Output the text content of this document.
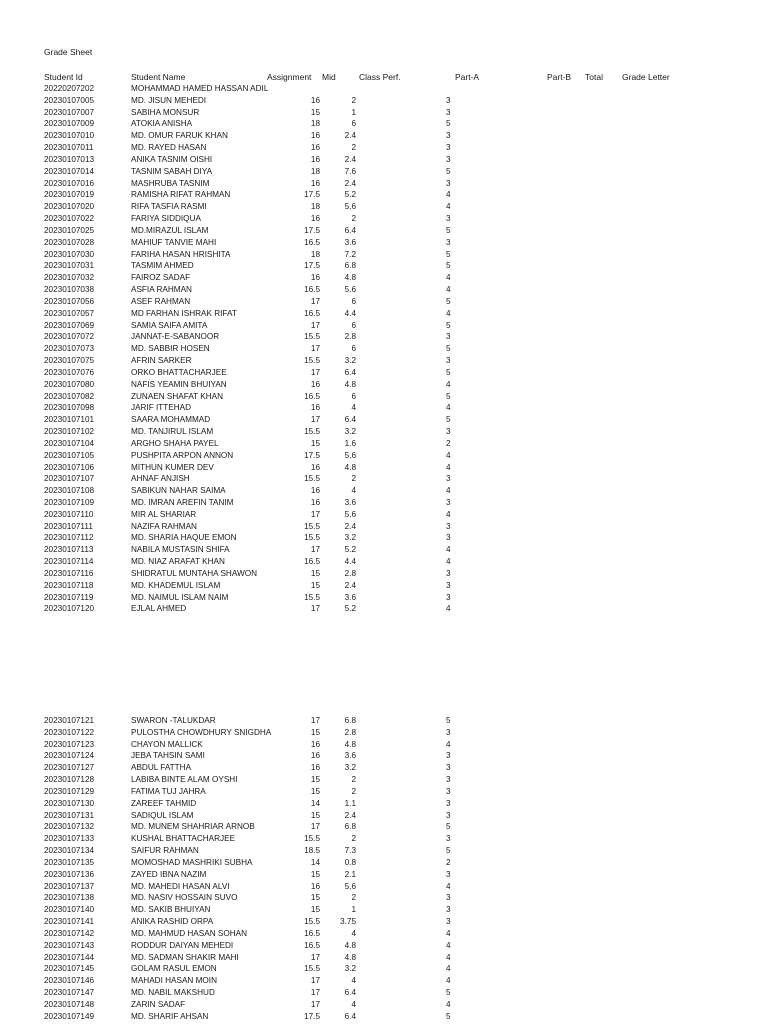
Grade Sheet
Student Id	Student Name	Assignment Mid	Class Perf.	Part-A	Part-B Total Grade Letter
20220207202	MOHAMMAD HAMED HASSAN ADIL
20230107005	MD. JISUN MEHEDI	16	2	3
20230107007	SABIHA MONSUR	15	1	3
20230107009	ATOKIA ANISHA	18	6	5
20230107010	MD. OMUR FARUK KHAN	16	2.4	3
20230107011	MD. RAYED HASAN	16	2	3
20230107013	ANIKA TASNIM OISHI	16	2.4	3
20230107014	TASNIM SABAH DIYA	18	7.6	5
20230107016	MASHRUBA TASNIM	16	2.4	3
20230107019	RAMISHA RIFAT RAHMAN	17.5	5.2	4
20230107020	RIFA TASFIA RASMI	18	5.6	4
20230107022	FARIYA SIDDIQUA	16	2	3
20230107025	MD.MIRAZUL ISLAM	17.5	6.4	5
20230107028	MAHIUF TANVIE MAHI	16.5	3.6	3
20230107030	FARIHA HASAN HRISHITA	18	7.2	5
20230107031	TASMIM AHMED	17.5	6.8	5
20230107032	FAIROZ SADAF	16	4.8	4
20230107038	ASFIA RAHMAN	16.5	5.6	4
20230107056	ASEF RAHMAN	17	6	5
20230107057	MD FARHAN ISHRAK RIFAT	16.5	4.4	4
20230107069	SAMIA SAIFA AMITA	17	6	5
20230107072	JANNAT-E-SABANOOR	15.5	2.8	3
20230107073	MD. SABBIR HOSEN	17	6	5
20230107075	AFRIN SARKER	15.5	3.2	3
20230107076	ORKO BHATTACHARJEE	17	6.4	5
20230107080	NAFIS YEAMIN BHUIYAN	16	4.8	4
20230107082	ZUNAEN SHAFAT KHAN	16.5	6	5
20230107098	JARIF ITTEHAD	16	4	4
20230107101	SAARA MOHAMMAD	17	6.4	5
20230107102	MD. TANJIRUL ISLAM	15.5	3.2	3
20230107104	ARGHO SHAHA PAYEL	15	1.6	2
20230107105	PUSHPITA ARPON ANNON	17.5	5.6	4
20230107106	MITHUN KUMER DEV	16	4.8	4
20230107107	AHNAF ANJISH	15.5	2	3
20230107108	SABIKUN NAHAR SAIMA	16	4	4
20230107109	MD. IMRAN AREFIN TANIM	16	3.6	3
20230107110	MIR AL SHARIAR	17	5.6	4
20230107111	NAZIFA RAHMAN	15.5	2.4	3
20230107112	MD. SHARIA HAQUE EMON	15.5	3.2	3
20230107113	NABILA MUSTASIN SHIFA	17	5.2	4
20230107114	MD. NIAZ ARAFAT KHAN	16.5	4.4	4
20230107116	SHIDRATUL MUNTAHA SHAWON	15	2.8	3
20230107118	MD. KHADEMUL ISLAM	15	2.4	3
20230107119	MD. NAIMUL ISLAM NAIM	15.5	3.6	3
20230107120	EJLAL AHMED	17	5.2	4
20230107121	SWARON -TALUKDAR	17	6.8	5
20230107122	PULOSTHA CHOWDHURY SNIGDHA	15	2.8	3
20230107123	CHAYON MALLICK	16	4.8	4
20230107124	JEBA TAHSIN SAMI	16	3.6	3
20230107127	ABDUL FATTHA	16	3.2	3
20230107128	LABIBA BINTE ALAM OYSHI	15	2	3
20230107129	FATIMA TUJ JAHRA	15	2	3
20230107130	ZAREEF TAHMID	14	1.1	3
20230107131	SADIQUL ISLAM	15	2.4	3
20230107132	MD. MUNEM SHAHRIAR ARNOB	17	6.8	5
20230107133	KUSHAL BHATTACHARJEE	15.5	2	3
20230107134	SAIFUR RAHMAN	18.5	7.3	5
20230107135	MOMOSHAD MASHRIKI SUBHA	14	0.8	2
20230107136	ZAYED IBNA NAZIM	15	2.1	3
20230107137	MD. MAHEDI HASAN ALVI	16	5.6	4
20230107138	MD. NASIV HOSSAIN SUVO	15	2	3
20230107140	MD. SAKIB BHUIYAN	15	1	3
20230107141	ANIKA RASHID ORPA	15.5 3.75	3
20230107142	MD. MAHMUD HASAN SOHAN	16.5	4	4
20230107143	RODDUR DAIYAN MEHEDI	16.5	4.8	4
20230107144	MD. SADMAN SHAKIR MAHI	17	4.8	4
20230107145	GOLAM RASUL EMON	15.5	3.2	4
20230107146	MAHADI HASAN MOIN	17	4	4
20230107147	MD. NABIL MAKSHUD	17	6.4	5
20230107148	ZARIN SADAF	17	4	4
20230107149	MD. SHARIF AHSAN	17.5	6.4	5
